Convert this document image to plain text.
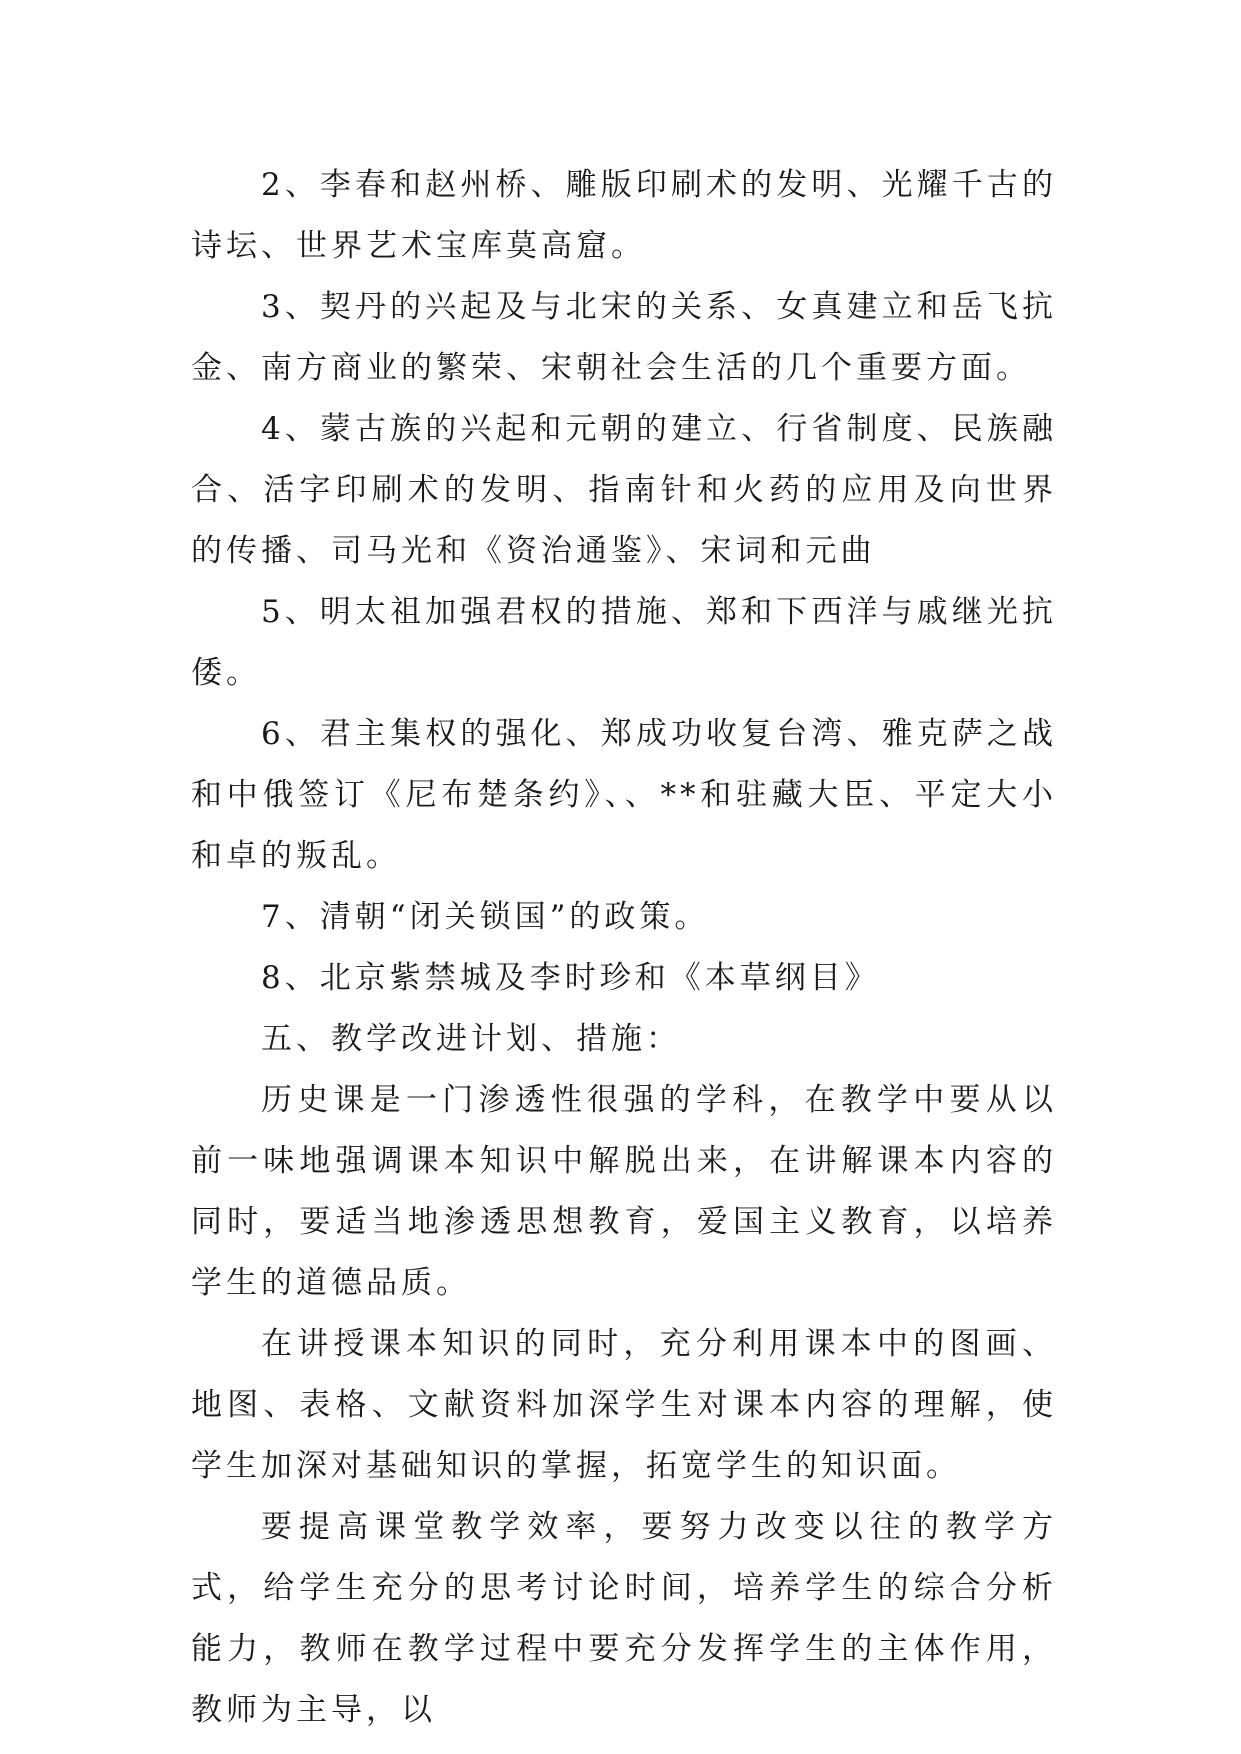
2、李春和赵州桥、雕版印刷术的发明、光耀千古的诗坛、世界艺术宝库莫高窟。

3、契丹的兴起及与北宋的关系、女真建立和岳飞抗金、南方商业的繁荣、宋朝社会生活的几个重要方面。

4、蒙古族的兴起和元朝的建立、行省制度、民族融合、活字印刷术的发明、指南针和火药的应用及向世界的传播、司马光和《资治通鉴》、宋词和元曲

5、明太祖加强君权的措施、郑和下西洋与戚继光抗倭。

6、君主集权的强化、郑成功收复台湾、雅克萨之战和中俄签订《尼布楚条约》、、**和驻藏大臣、平定大小和卓的叛乱。

7、清朝“闭关锁国”的政策。

8、北京紫禁城及李时珍和《本草纲目》

五、教学改进计划、措施：

历史课是一门渗透性很强的学科，在教学中要从以前一味地强调课本知识中解脱出来，在讲解课本内容的同时，要适当地渗透思想教育，爱国主义教育，以培养学生的道德品质。

在讲授课本知识的同时，充分利用课本中的图画、地图、表格、文献资料加深学生对课本内容的理解，使学生加深对基础知识的掌握，拓宽学生的知识面。

要提高课堂教学效率，要努力改变以往的教学方式，给学生充分的思考讨论时间，培养学生的综合分析能力，教师在教学过程中要充分发挥学生的主体作用，教师为主导，以
